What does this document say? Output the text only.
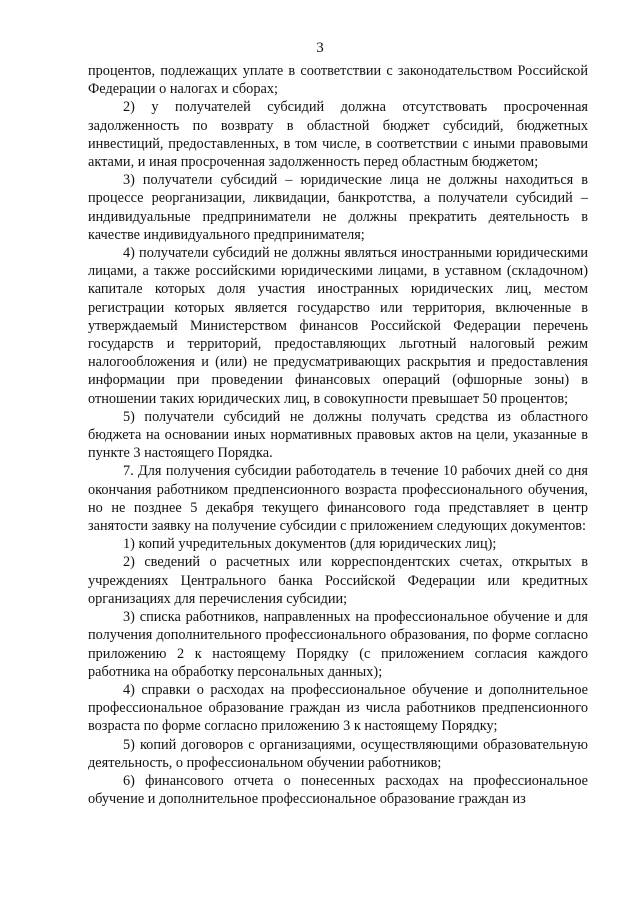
3

процентов, подлежащих уплате в соответствии с законодательством Российской Федерации о налогах и сборах;

2) у получателей субсидий должна отсутствовать просроченная задолженность по возврату в областной бюджет субсидий, бюджетных инвестиций, предоставленных, в том числе, в соответствии с иными правовыми актами, и иная просроченная задолженность перед областным бюджетом;

3) получатели субсидий – юридические лица не должны находиться в процессе реорганизации, ликвидации, банкротства, а получатели субсидий – индивидуальные предприниматели не должны прекратить деятельность в качестве индивидуального предпринимателя;

4) получатели субсидий не должны являться иностранными юридическими лицами, а также российскими юридическими лицами, в уставном (складочном) капитале которых доля участия иностранных юридических лиц, местом регистрации которых является государство или территория, включенные в утверждаемый Министерством финансов Российской Федерации перечень государств и территорий, предоставляющих льготный налоговый режим налогообложения и (или) не предусматривающих раскрытия и предоставления информации при проведении финансовых операций (офшорные зоны) в отношении таких юридических лиц, в совокупности превышает 50 процентов;

5) получатели субсидий не должны получать средства из областного бюджета на основании иных нормативных правовых актов на цели, указанные в пункте 3 настоящего Порядка.

7. Для получения субсидии работодатель в течение 10 рабочих дней со дня окончания работником предпенсионного возраста профессионального обучения, но не позднее 5 декабря текущего финансового года представляет в центр занятости заявку на получение субсидии с приложением следующих документов:

1) копий учредительных документов (для юридических лиц);

2) сведений о расчетных или корреспондентских счетах, открытых в учреждениях Центрального банка Российской Федерации или кредитных организациях для перечисления субсидии;

3) списка работников, направленных на профессиональное обучение и для получения дополнительного профессионального образования, по форме согласно приложению 2 к настоящему Порядку (с приложением согласия каждого работника на обработку персональных данных);

4) справки о расходах на профессиональное обучение и дополнительное профессиональное образование граждан из числа работников предпенсионного возраста по форме согласно приложению 3 к настоящему Порядку;

5) копий договоров с организациями, осуществляющими образовательную деятельность, о профессиональном обучении работников;

6) финансового отчета о понесенных расходах на профессиональное обучение и дополнительное профессиональное образование граждан из
